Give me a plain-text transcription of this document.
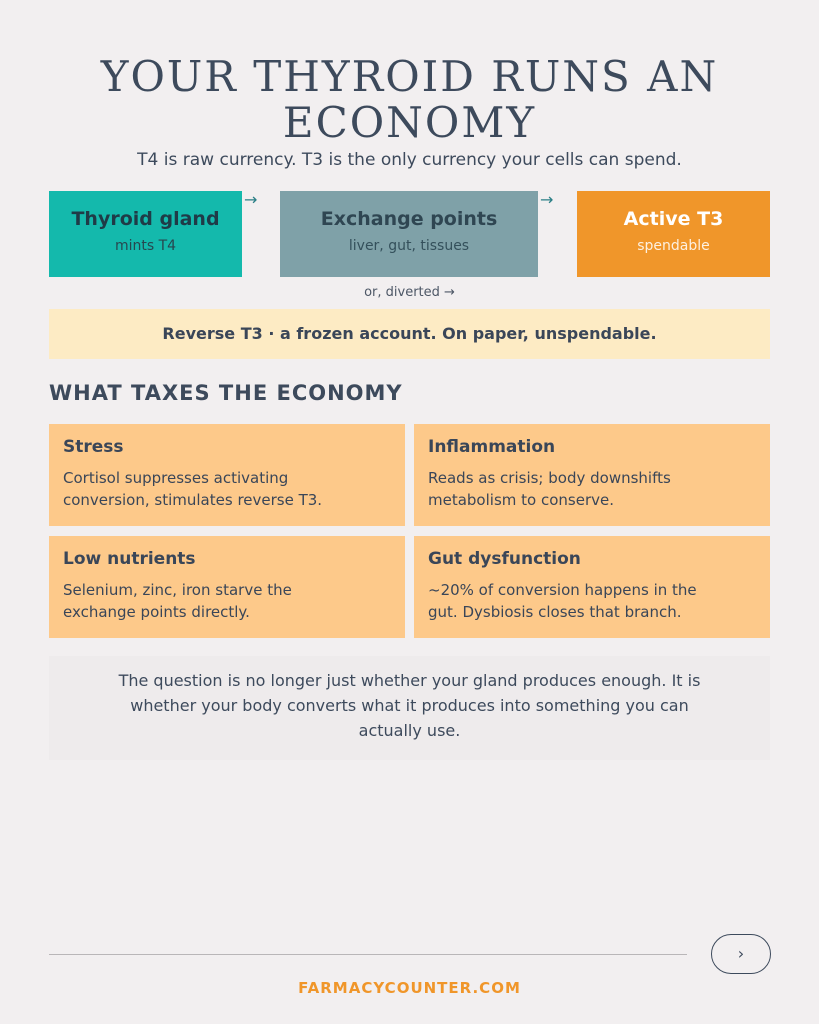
YOUR THYROID RUNS AN
ECONOMY
T4 is raw currency. T3 is the only currency your cells can spend.
Thyroid gland
mints T4
→
Exchange points
liver, gut, tissues
→
Active T3
spendable
or, diverted →
Reverse T3 · a frozen account. On paper, unspendable.
WHAT TAXES THE ECONOMY
Stress
Cortisol suppresses activating
conversion, stimulates reverse T3.
Inflammation
Reads as crisis; body downshifts
metabolism to conserve.
Low nutrients
Selenium, zinc, iron starve the
exchange points directly.
Gut dysfunction
~20% of conversion happens in the
gut. Dysbiosis closes that branch.
The question is no longer just whether your gland produces enough. It is
whether your body converts what it produces into something you can
actually use.
›
FARMACYCOUNTER.COM
